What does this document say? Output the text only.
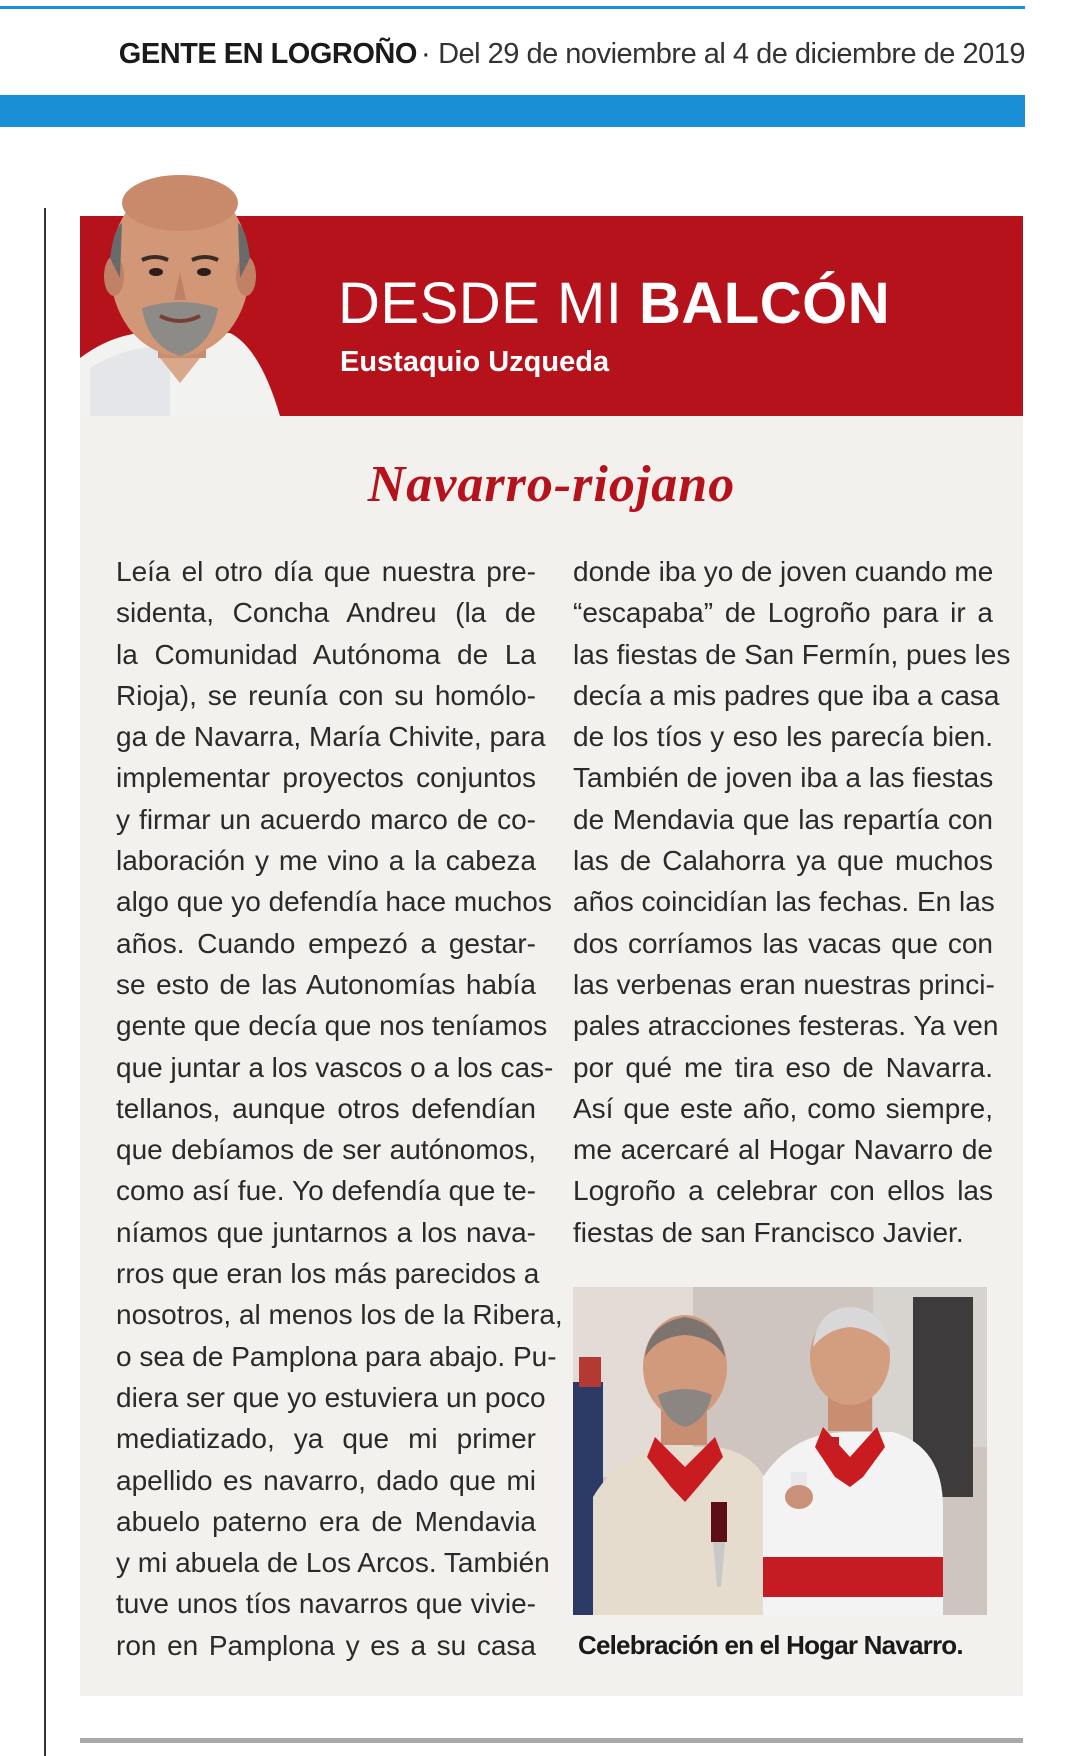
GENTE EN LOGROÑO · Del 29 de noviembre al 4 de diciembre de 2019
DESDE MI BALCÓN
Eustaquio Uzqueda
Navarro-riojano
Leía el otro día que nuestra pre-
sidenta, Concha Andreu (la de
la Comunidad Autónoma de La
Rioja), se reunía con su homólo-
ga de Navarra, María Chivite, para
implementar proyectos conjuntos
y firmar un acuerdo marco de co-
laboración y me vino a la cabeza
algo que yo defendía hace muchos
años. Cuando empezó a gestar-
se esto de las Autonomías había
gente que decía que nos teníamos
que juntar a los vascos o a los cas-
tellanos, aunque otros defendían
que debíamos de ser autónomos,
como así fue. Yo defendía que te-
níamos que juntarnos a los nava-
rros que eran los más parecidos a
nosotros, al menos los de la Ribera,
o sea de Pamplona para abajo. Pu-
diera ser que yo estuviera un poco
mediatizado, ya que mi primer
apellido es navarro, dado que mi
abuelo paterno era de Mendavia
y mi abuela de Los Arcos. También
tuve unos tíos navarros que vivie-
ron en Pamplona y es a su casa
donde iba yo de joven cuando me
“escapaba” de Logroño para ir a
las fiestas de San Fermín, pues les
decía a mis padres que iba a casa
de los tíos y eso les parecía bien.
También de joven iba a las fiestas
de Mendavia que las repartía con
las de Calahorra ya que muchos
años coincidían las fechas. En las
dos corríamos las vacas que con
las verbenas eran nuestras princi-
pales atracciones festeras. Ya ven
por qué me tira eso de Navarra.
Así que este año, como siempre,
me acercaré al Hogar Navarro de
Logroño a celebrar con ellos las
fiestas de san Francisco Javier.
Celebración en el Hogar Navarro.
